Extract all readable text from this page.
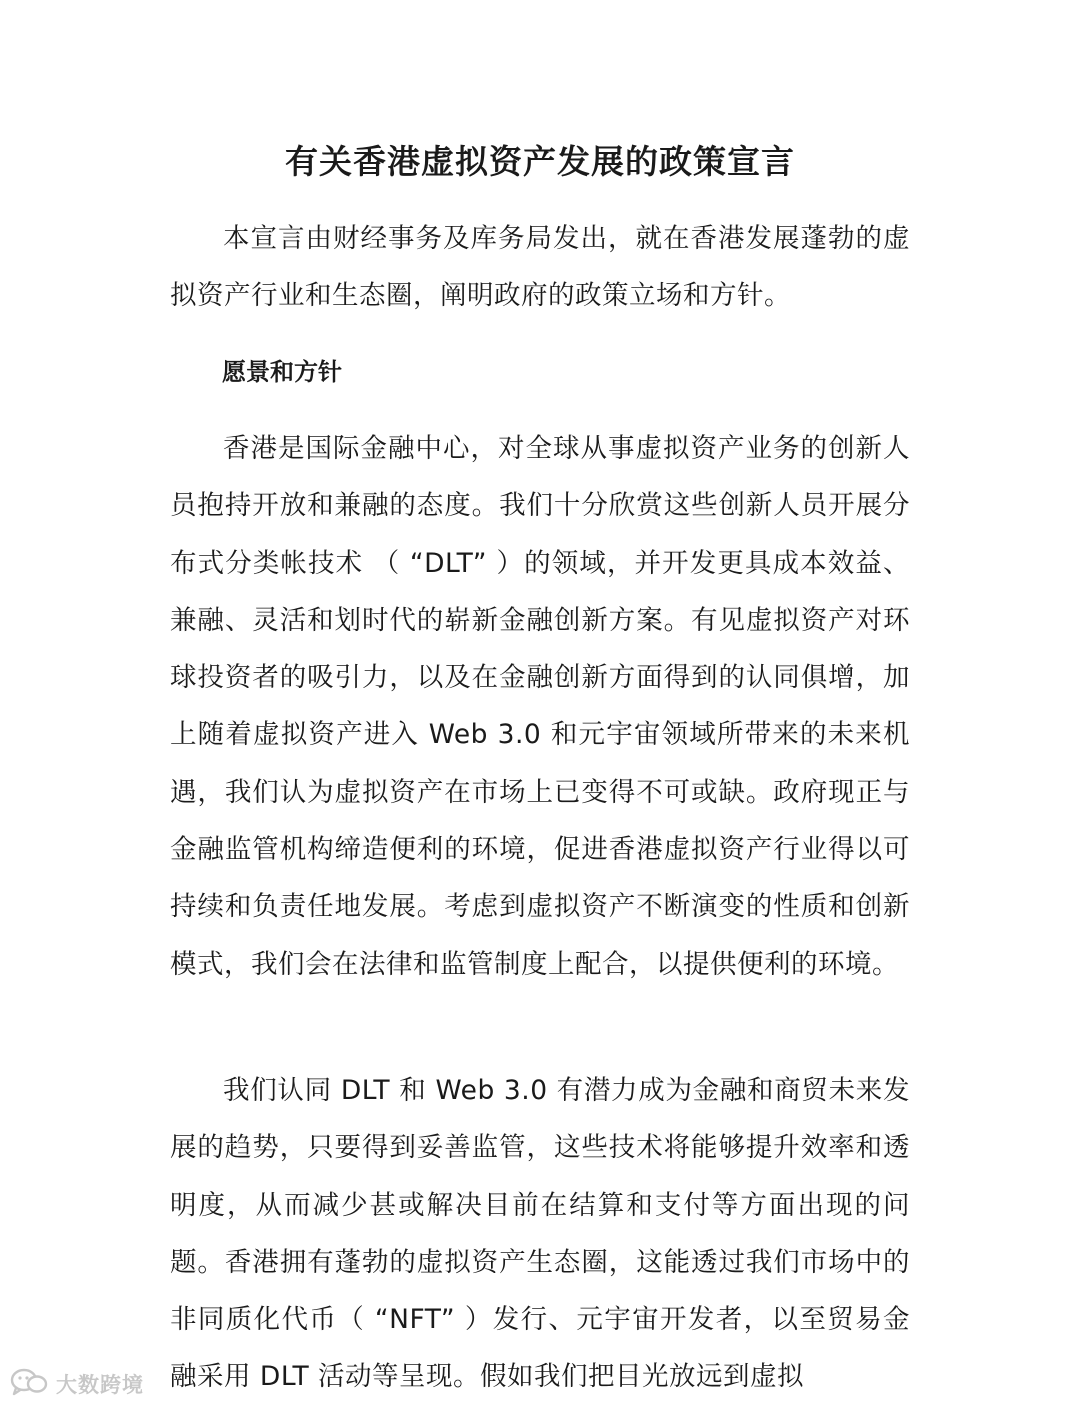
有关香港虚拟资产发展的政策宣言

本宣言由财经事务及库务局发出，就在香港发展蓬勃的虚拟资产行业和生态圈，阐明政府的政策立场和方针。

愿景和方针

香港是国际金融中心，对全球从事虚拟资产业务的创新人员抱持开放和兼融的态度。我们十分欣赏这些创新人员开展分布式分类帐技术 （ “DLT” ）的领域，并开发更具成本效益、兼融、灵活和划时代的崭新金融创新方案。有见虚拟资产对环球投资者的吸引力，以及在金融创新方面得到的认同俱增，加上随着虚拟资产进入 Web 3.0 和元宇宙领域所带来的未来机遇，我们认为虚拟资产在市场上已变得不可或缺。政府现正与金融监管机构缔造便利的环境，促进香港虚拟资产行业得以可持续和负责任地发展。考虑到虚拟资产不断演变的性质和创新模式，我们会在法律和监管制度上配合，以提供便利的环境。

我们认同 DLT 和 Web 3.0 有潜力成为金融和商贸未来发展的趋势，只要得到妥善监管，这些技术将能够提升效率和透明度，从而减少甚或解决目前在结算和支付等方面出现的问题。香港拥有蓬勃的虚拟资产生态圈，这能透过我们市场中的非同质化代币（ “NFT” ）发行、元宇宙开发者，以至贸易金融采用 DLT 活动等呈现。假如我们把目光放远到虚拟

大数跨境
